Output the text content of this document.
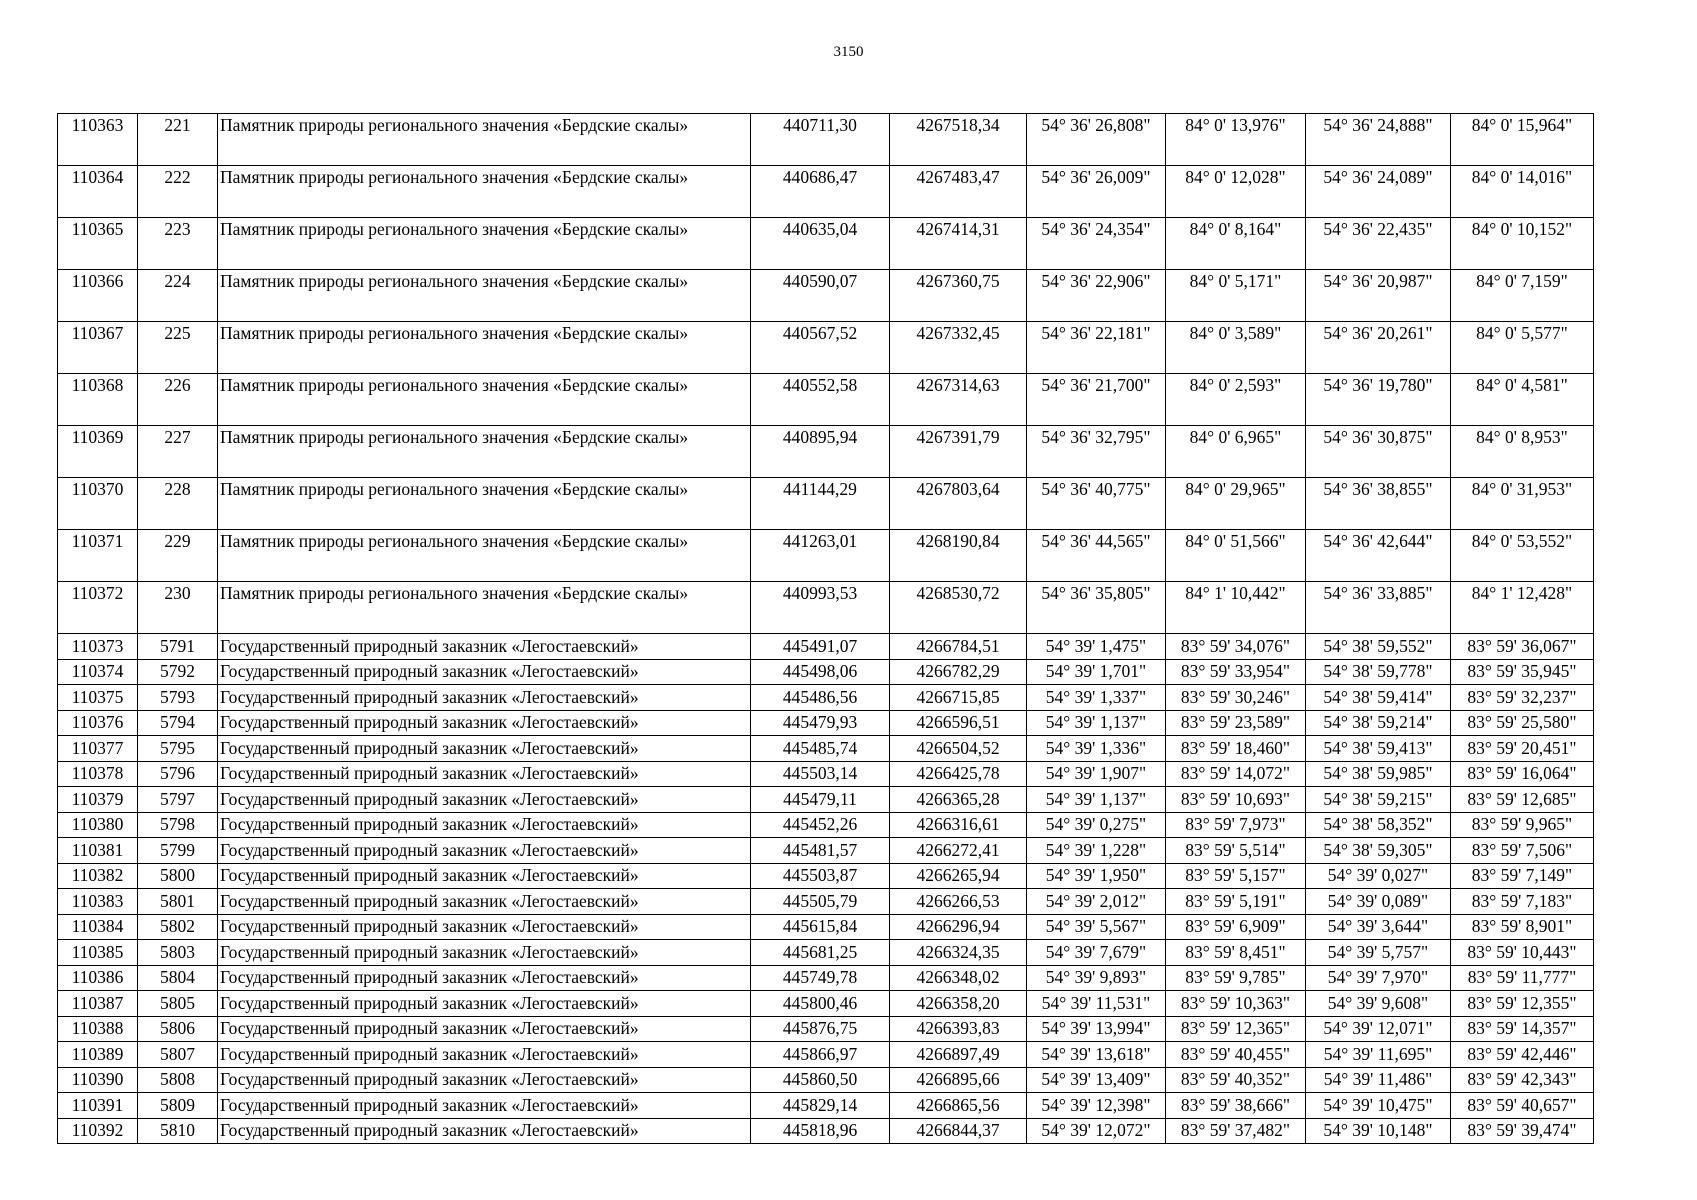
3150
110363	221	Памятник природы регионального значения «Бердские скалы»	440711,30	4267518,34	54° 36' 26,808"	84° 0' 13,976"	54° 36' 24,888"	84° 0' 15,964"
110364	222	Памятник природы регионального значения «Бердские скалы»	440686,47	4267483,47	54° 36' 26,009"	84° 0' 12,028"	54° 36' 24,089"	84° 0' 14,016"
110365	223	Памятник природы регионального значения «Бердские скалы»	440635,04	4267414,31	54° 36' 24,354"	84° 0' 8,164"	54° 36' 22,435"	84° 0' 10,152"
110366	224	Памятник природы регионального значения «Бердские скалы»	440590,07	4267360,75	54° 36' 22,906"	84° 0' 5,171"	54° 36' 20,987"	84° 0' 7,159"
110367	225	Памятник природы регионального значения «Бердские скалы»	440567,52	4267332,45	54° 36' 22,181"	84° 0' 3,589"	54° 36' 20,261"	84° 0' 5,577"
110368	226	Памятник природы регионального значения «Бердские скалы»	440552,58	4267314,63	54° 36' 21,700"	84° 0' 2,593"	54° 36' 19,780"	84° 0' 4,581"
110369	227	Памятник природы регионального значения «Бердские скалы»	440895,94	4267391,79	54° 36' 32,795"	84° 0' 6,965"	54° 36' 30,875"	84° 0' 8,953"
110370	228	Памятник природы регионального значения «Бердские скалы»	441144,29	4267803,64	54° 36' 40,775"	84° 0' 29,965"	54° 36' 38,855"	84° 0' 31,953"
110371	229	Памятник природы регионального значения «Бердские скалы»	441263,01	4268190,84	54° 36' 44,565"	84° 0' 51,566"	54° 36' 42,644"	84° 0' 53,552"
110372	230	Памятник природы регионального значения «Бердские скалы»	440993,53	4268530,72	54° 36' 35,805"	84° 1' 10,442"	54° 36' 33,885"	84° 1' 12,428"
110373	5791	Государственный природный заказник «Легостаевский»	445491,07	4266784,51	54° 39' 1,475"	83° 59' 34,076"	54° 38' 59,552"	83° 59' 36,067"
110374	5792	Государственный природный заказник «Легостаевский»	445498,06	4266782,29	54° 39' 1,701"	83° 59' 33,954"	54° 38' 59,778"	83° 59' 35,945"
110375	5793	Государственный природный заказник «Легостаевский»	445486,56	4266715,85	54° 39' 1,337"	83° 59' 30,246"	54° 38' 59,414"	83° 59' 32,237"
110376	5794	Государственный природный заказник «Легостаевский»	445479,93	4266596,51	54° 39' 1,137"	83° 59' 23,589"	54° 38' 59,214"	83° 59' 25,580"
110377	5795	Государственный природный заказник «Легостаевский»	445485,74	4266504,52	54° 39' 1,336"	83° 59' 18,460"	54° 38' 59,413"	83° 59' 20,451"
110378	5796	Государственный природный заказник «Легостаевский»	445503,14	4266425,78	54° 39' 1,907"	83° 59' 14,072"	54° 38' 59,985"	83° 59' 16,064"
110379	5797	Государственный природный заказник «Легостаевский»	445479,11	4266365,28	54° 39' 1,137"	83° 59' 10,693"	54° 38' 59,215"	83° 59' 12,685"
110380	5798	Государственный природный заказник «Легостаевский»	445452,26	4266316,61	54° 39' 0,275"	83° 59' 7,973"	54° 38' 58,352"	83° 59' 9,965"
110381	5799	Государственный природный заказник «Легостаевский»	445481,57	4266272,41	54° 39' 1,228"	83° 59' 5,514"	54° 38' 59,305"	83° 59' 7,506"
110382	5800	Государственный природный заказник «Легостаевский»	445503,87	4266265,94	54° 39' 1,950"	83° 59' 5,157"	54° 39' 0,027"	83° 59' 7,149"
110383	5801	Государственный природный заказник «Легостаевский»	445505,79	4266266,53	54° 39' 2,012"	83° 59' 5,191"	54° 39' 0,089"	83° 59' 7,183"
110384	5802	Государственный природный заказник «Легостаевский»	445615,84	4266296,94	54° 39' 5,567"	83° 59' 6,909"	54° 39' 3,644"	83° 59' 8,901"
110385	5803	Государственный природный заказник «Легостаевский»	445681,25	4266324,35	54° 39' 7,679"	83° 59' 8,451"	54° 39' 5,757"	83° 59' 10,443"
110386	5804	Государственный природный заказник «Легостаевский»	445749,78	4266348,02	54° 39' 9,893"	83° 59' 9,785"	54° 39' 7,970"	83° 59' 11,777"
110387	5805	Государственный природный заказник «Легостаевский»	445800,46	4266358,20	54° 39' 11,531"	83° 59' 10,363"	54° 39' 9,608"	83° 59' 12,355"
110388	5806	Государственный природный заказник «Легостаевский»	445876,75	4266393,83	54° 39' 13,994"	83° 59' 12,365"	54° 39' 12,071"	83° 59' 14,357"
110389	5807	Государственный природный заказник «Легостаевский»	445866,97	4266897,49	54° 39' 13,618"	83° 59' 40,455"	54° 39' 11,695"	83° 59' 42,446"
110390	5808	Государственный природный заказник «Легостаевский»	445860,50	4266895,66	54° 39' 13,409"	83° 59' 40,352"	54° 39' 11,486"	83° 59' 42,343"
110391	5809	Государственный природный заказник «Легостаевский»	445829,14	4266865,56	54° 39' 12,398"	83° 59' 38,666"	54° 39' 10,475"	83° 59' 40,657"
110392	5810	Государственный природный заказник «Легостаевский»	445818,96	4266844,37	54° 39' 12,072"	83° 59' 37,482"	54° 39' 10,148"	83° 59' 39,474"
